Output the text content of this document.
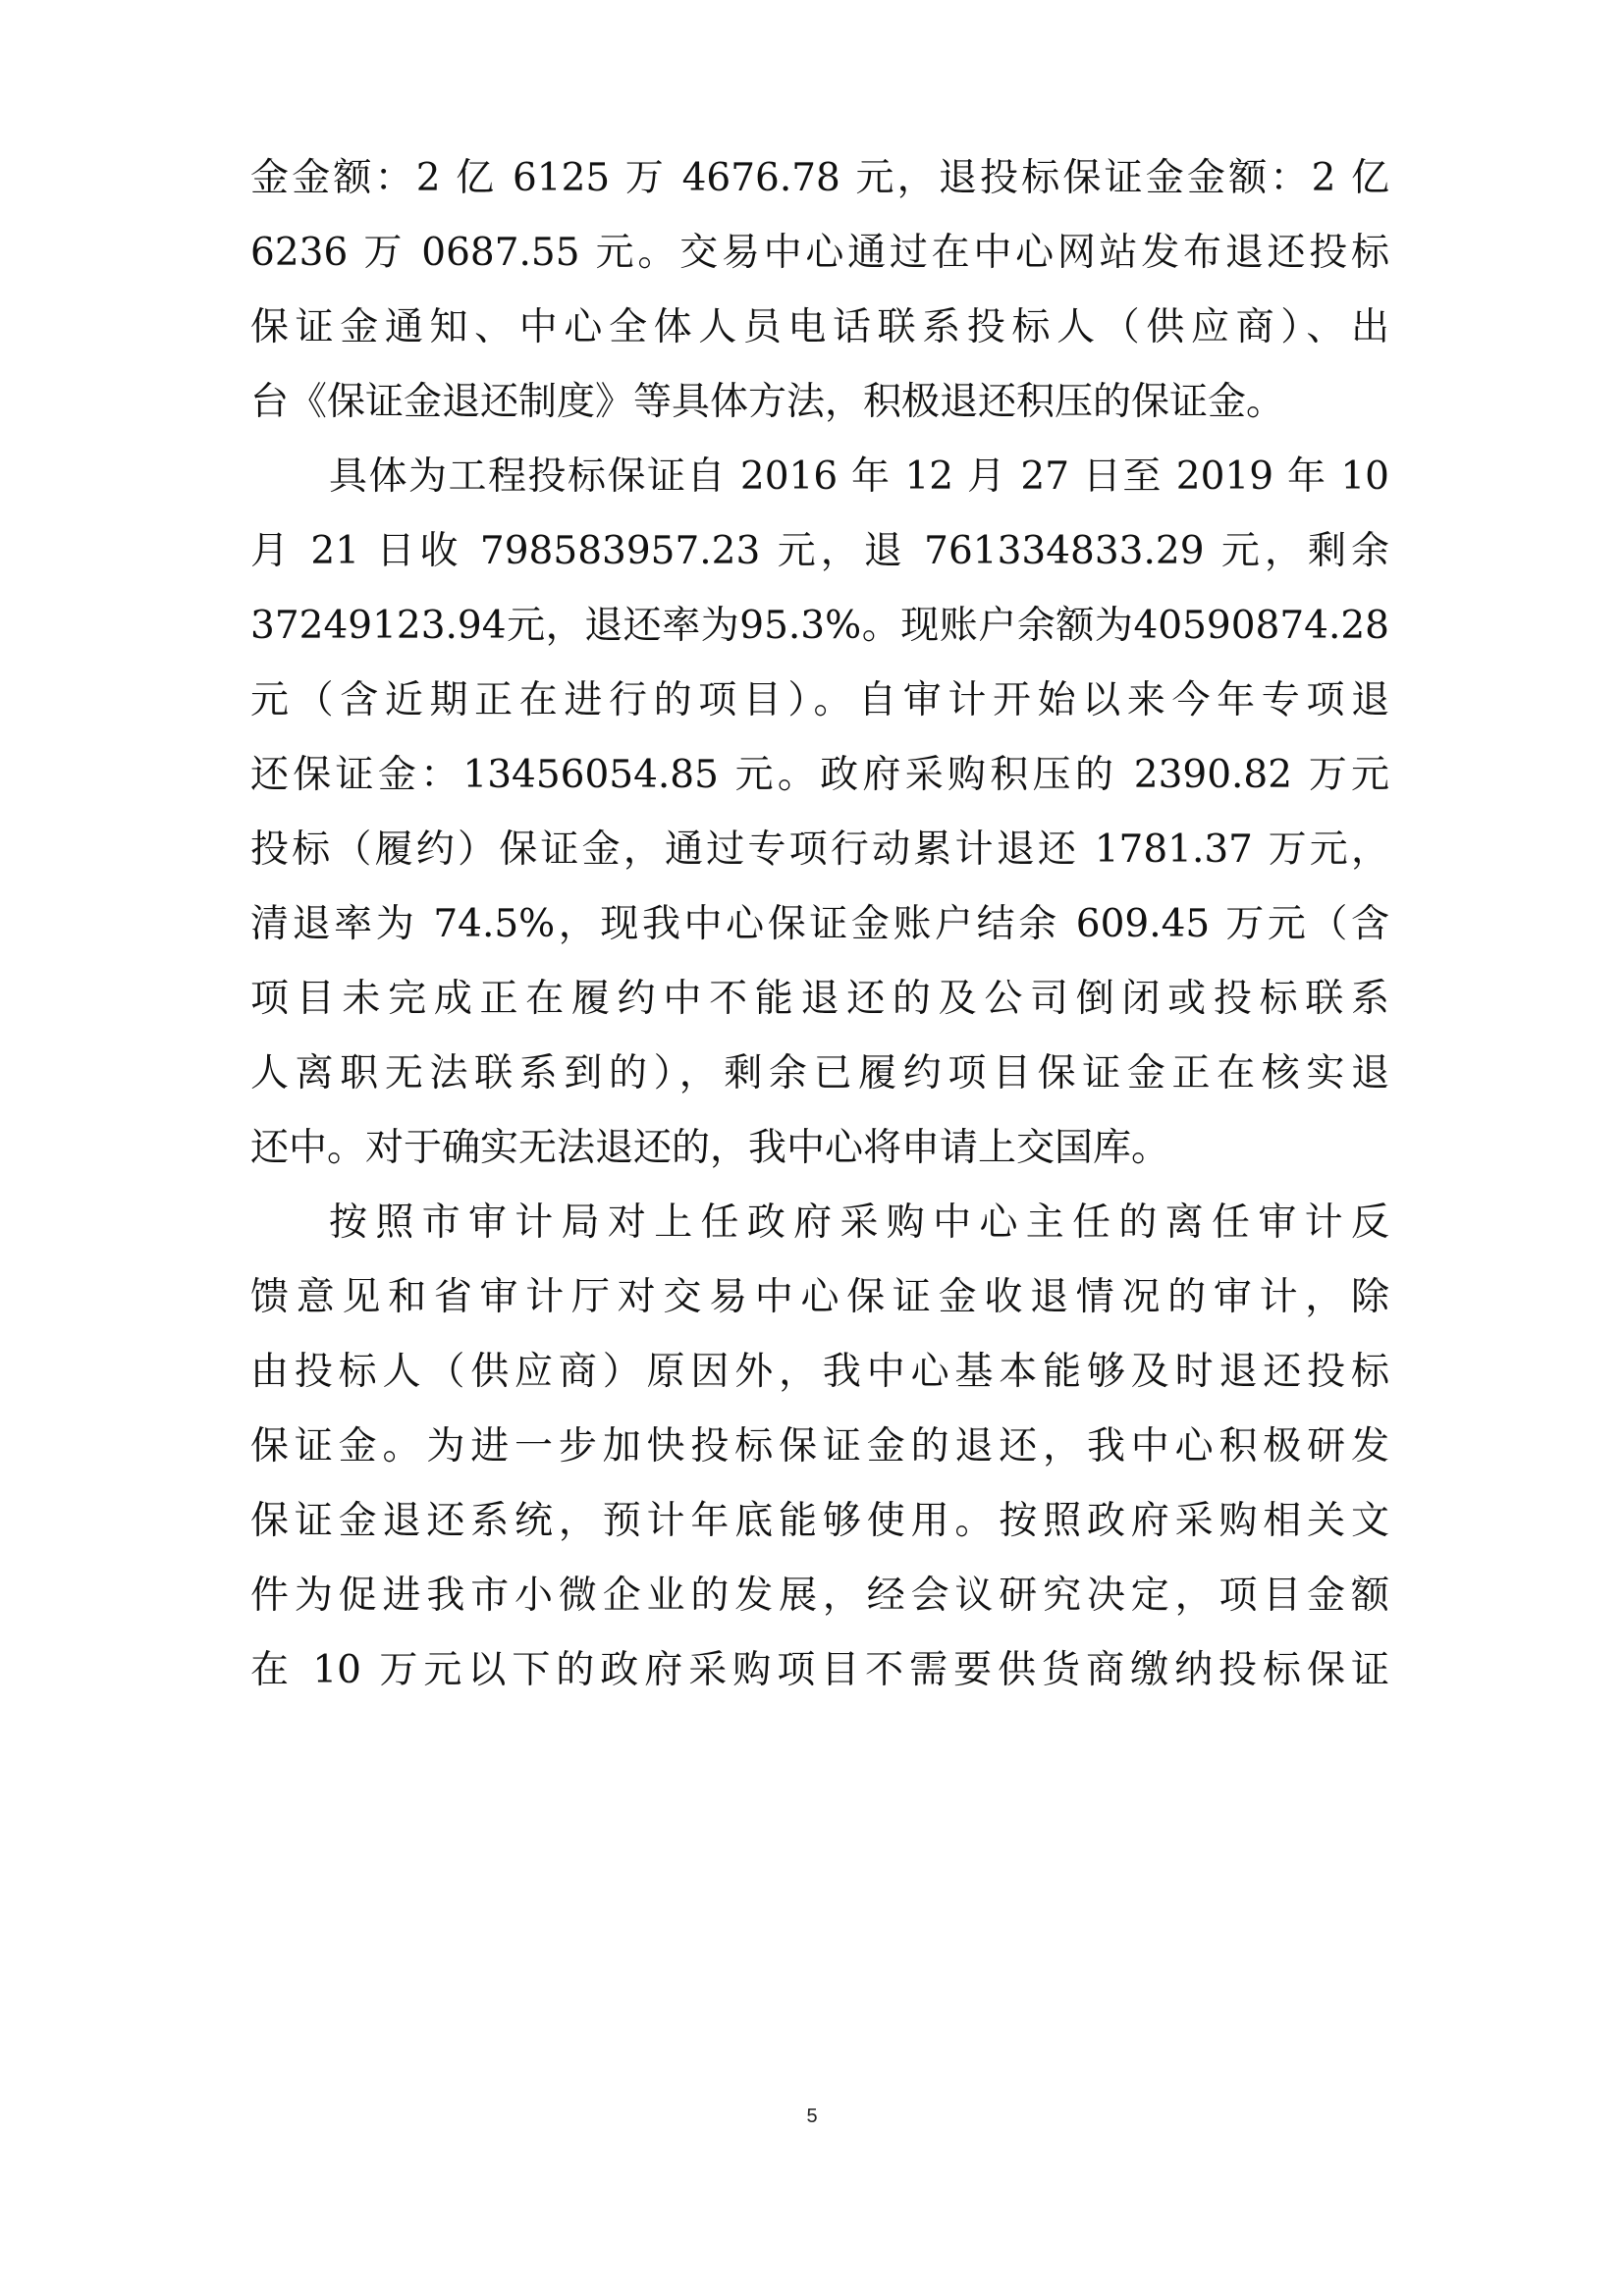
金金额：2 亿 6125 万 4676.78 元，退投标保证金金额：2 亿
6236 万 0687.55 元。交易中心通过在中心网站发布退还投标
保证金通知、中心全体人员电话联系投标人（供应商）、出
台《保证金退还制度》等具体方法，积极退还积压的保证金。
具体为工程投标保证自 2016 年 12 月 27 日至 2019 年 10
月 21 日收 798583957.23 元，退 761334833.29 元，剩余
37249123.94元，退还率为95.3%。现账户余额为40590874.28
元（含近期正在进行的项目）。自审计开始以来今年专项退
还保证金：13456054.85 元。政府采购积压的 2390.82 万元
投标（履约）保证金，通过专项行动累计退还 1781.37 万元，
清退率为 74.5%，现我中心保证金账户结余 609.45 万元（含
项目未完成正在履约中不能退还的及公司倒闭或投标联系
人离职无法联系到的），剩余已履约项目保证金正在核实退
还中。对于确实无法退还的，我中心将申请上交国库。
按照市审计局对上任政府采购中心主任的离任审计反
馈意见和省审计厅对交易中心保证金收退情况的审计，除
由投标人（供应商）原因外，我中心基本能够及时退还投标
保证金。为进一步加快投标保证金的退还，我中心积极研发
保证金退还系统，预计年底能够使用。按照政府采购相关文
件为促进我市小微企业的发展，经会议研究决定，项目金额
在 10 万元以下的政府采购项目不需要供货商缴纳投标保证
5
